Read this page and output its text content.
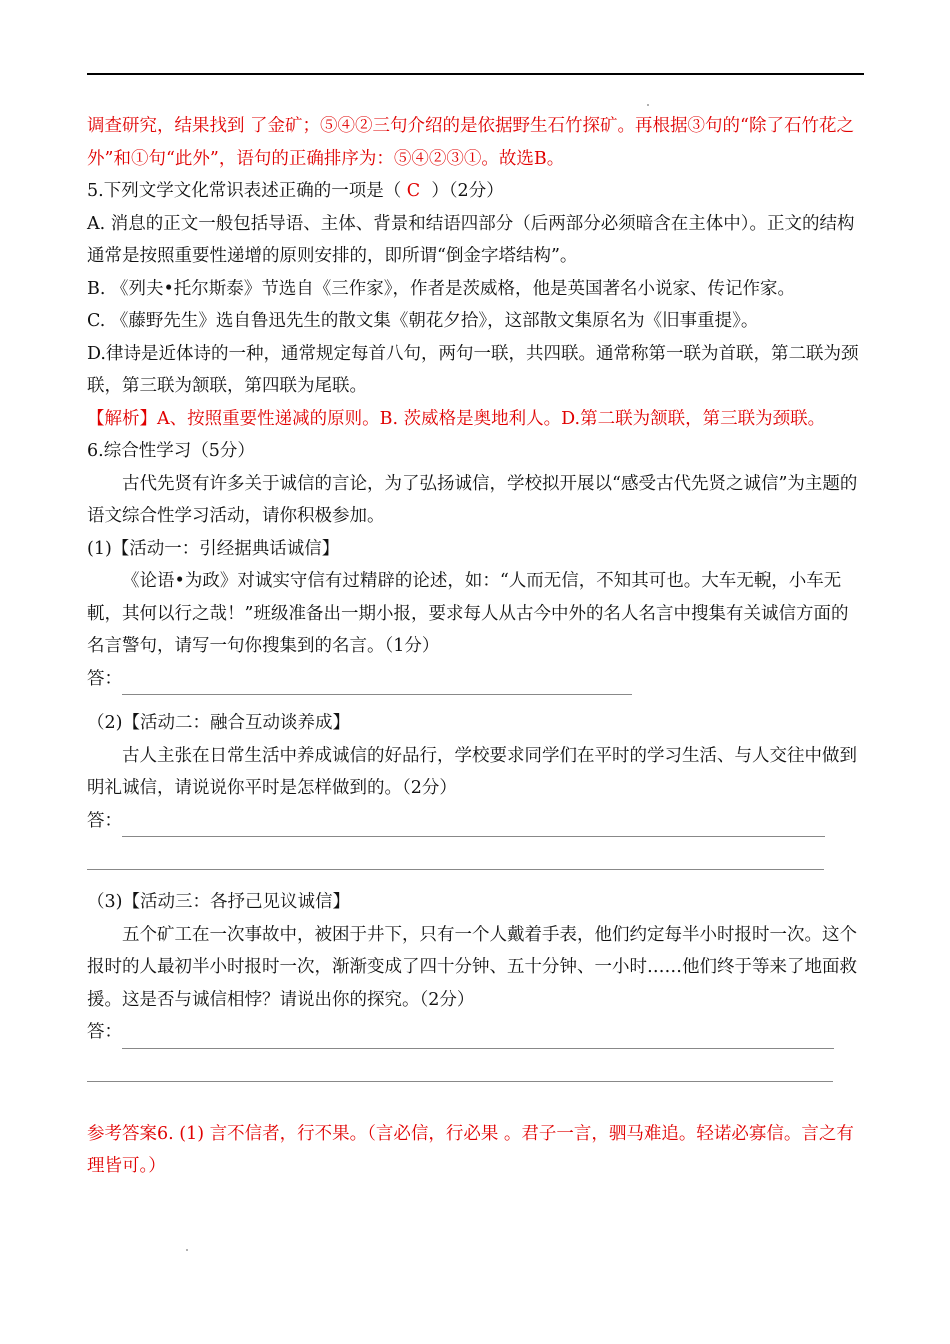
调查研究，结果找到 了金矿；⑤④②三句介绍的是依据野生石竹探矿。再根据③句的“除了石竹花之外”和①句“此外”，语句的正确排序为：⑤④②③①。故选B。

5.下列文学文化常识表述正确的一项是（ C ）（2分）

A. 消息的正文一般包括导语、主体、背景和结语四部分（后两部分必须暗含在主体中）。正文的结构通常是按照重要性递增的原则安排的，即所谓“倒金字塔结构”。

B. 《列夫•托尔斯泰》节选自《三作家》，作者是茨威格，他是英国著名小说家、传记作家。

C. 《藤野先生》选自鲁迅先生的散文集《朝花夕拾》，这部散文集原名为《旧事重提》。

D.律诗是近体诗的一种，通常规定每首八句，两句一联，共四联。通常称第一联为首联，第二联为颈联，第三联为颔联，第四联为尾联。

【解析】A、按照重要性递减的原则。B. 茨威格是奥地利人。D.第二联为颔联，第三联为颈联。

6.综合性学习（5分）

古代先贤有许多关于诚信的言论，为了弘扬诚信，学校拟开展以“感受古代先贤之诚信”为主题的语文综合性学习活动，请你积极参加。

(1)【活动一：引经据典话诚信】

《论语•为政》对诚实守信有过精辟的论述，如：“人而无信，不知其可也。大车无輗，小车无軏，其何以行之哉！”班级准备出一期小报，要求每人从古今中外的名人名言中搜集有关诚信方面的名言警句，请写一句你搜集到的名言。（1分）

答：

（2)【活动二：融合互动谈养成】

古人主张在日常生活中养成诚信的好品行，学校要求同学们在平时的学习生活、与人交往中做到明礼诚信，请说说你平时是怎样做到的。（2分）

答：

（3)【活动三：各抒己见议诚信】

五个矿工在一次事故中，被困于井下，只有一个人戴着手表，他们约定每半小时报时一次。这个报时的人最初半小时报时一次，渐渐变成了四十分钟、五十分钟、一小时……他们终于等来了地面救援。这是否与诚信相悖？请说出你的探究。（2分）

答：

参考答案6. (1) 言不信者，行不果。（言必信，行必果 。君子一言，驷马难追。轻诺必寡信。言之有理皆可。）
